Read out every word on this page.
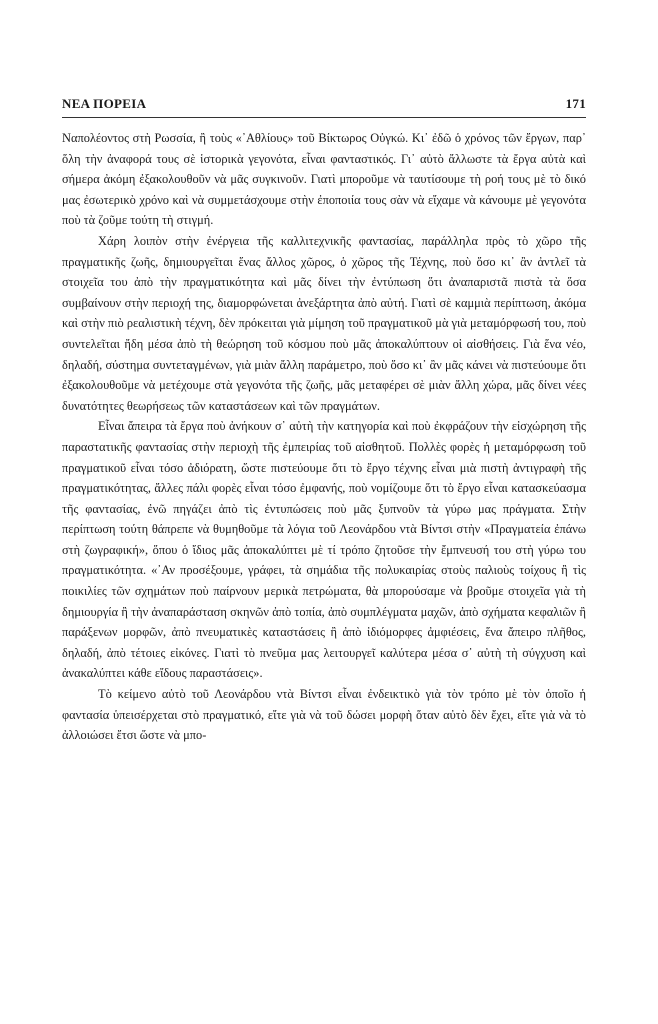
ΝΕΑ ΠΟΡΕΙΑ	171

Ναπολέοντος στὴ Ρωσσία, ἢ τοὺς «᾽Αθλίους» τοῦ Βίκτωρος Οὐγκώ. Κι᾽ ἐδῶ ὁ χρόνος τῶν ἔργων, παρ᾽ ὅλη τὴν ἀναφορά τους σὲ ἱστορικὰ γεγονότα, εἶναι φανταστικός. Γι᾽ αὐτὸ ἄλλωστε τὰ ἔργα αὐτὰ καὶ σήμερα ἀκόμη ἐξακολουθοῦν νὰ μᾶς συγκινοῦν. Γιατὶ μποροῦμε νὰ ταυτίσουμε τὴ ροή τους μὲ τὸ δικό μας ἐσωτερικὸ χρόνο καὶ νὰ συμμετάσχουμε στὴν ἐποποιία τους σὰν νὰ εἴχαμε νὰ κάνουμε μὲ γεγονότα ποὺ τὰ ζοῦμε τούτη τὴ στιγμή.

Χάρη λοιπὸν στὴν ἐνέργεια τῆς καλλιτεχνικῆς φαντασίας, παράλληλα πρὸς τὸ χῶρο τῆς πραγματικῆς ζωῆς, δημιουργεῖται ἕνας ἄλλος χῶρος, ὁ χῶρος τῆς Τέχνης, ποὺ ὅσο κι᾽ ἂν ἀντλεῖ τὰ στοιχεῖα του ἀπὸ τὴν πραγματικότητα καὶ μᾶς δίνει τὴν ἐντύπωση ὅτι ἀναπαριστᾶ πιστὰ τὰ ὅσα συμβαίνουν στὴν περιοχή της, διαμορφώνεται ἀνεξάρτητα ἀπὸ αὐτή. Γιατὶ σὲ καμμιὰ περίπτωση, ἀκόμα καὶ στὴν πιὸ ρεαλιστικὴ τέχνη, δὲν πρόκειται γιὰ μίμηση τοῦ πραγματικοῦ μὰ γιὰ μεταμόρφωσή του, ποὺ συντελεῖται ἤδη μέσα ἀπὸ τὴ θεώρηση τοῦ κόσμου ποὺ μᾶς ἀποκαλύπτουν οἱ αἰσθήσεις. Γιὰ ἕνα νέο, δηλαδή, σύστημα συντεταγμένων, γιὰ μιὰν ἄλλη παράμετρο, ποὺ ὅσο κι᾽ ἂν μᾶς κάνει νὰ πιστεύουμε ὅτι ἐξακολουθοῦμε νὰ μετέχουμε στὰ γεγονότα τῆς ζωῆς, μᾶς μεταφέρει σὲ μιὰν ἄλλη χώρα, μᾶς δίνει νέες δυνατότητες θεωρήσεως τῶν καταστάσεων καὶ τῶν πραγμάτων.

Εἶναι ἄπειρα τὰ ἔργα ποὺ ἀνήκουν σ᾽ αὐτὴ τὴν κατηγορία καὶ ποὺ ἐκφράζουν τὴν εἰσχώρηση τῆς παραστατικῆς φαντασίας στὴν περιοχὴ τῆς ἐμπειρίας τοῦ αἰσθητοῦ. Πολλὲς φορὲς ἡ μεταμόρφωση τοῦ πραγματικοῦ εἶναι τόσο ἀδιόρατη, ὥστε πιστεύουμε ὅτι τὸ ἔργο τέχνης εἶναι μιὰ πιστὴ ἀντιγραφὴ τῆς πραγματικότητας, ἄλλες πάλι φορὲς εἶναι τόσο ἐμφανής, ποὺ νομίζουμε ὅτι τὸ ἔργο εἶναι κατασκεύασμα τῆς φαντασίας, ἐνῶ πηγάζει ἀπὸ τὶς ἐντυπώσεις ποὺ μᾶς ξυπνοῦν τὰ γύρω μας πράγματα. Στὴν περίπτωση τούτη θάπρεπε νὰ θυμηθοῦμε τὰ λόγια τοῦ Λεονάρδου ντὰ Βίντσι στὴν «Πραγματεία ἐπάνω στὴ ζωγραφική», ὅπου ὁ ἴδιος μᾶς ἀποκαλύπτει μὲ τί τρόπο ζητοῦσε τὴν ἔμπνευσή του στὴ γύρω του πραγματικότητα. «᾽Αν προσέξουμε, γράφει, τὰ σημάδια τῆς πολυκαιρίας στοὺς παλιοὺς τοίχους ἢ τὶς ποικιλίες τῶν σχημάτων ποὺ παίρνουν μερικὰ πετρώματα, θὰ μπορούσαμε νὰ βροῦμε στοιχεῖα γιὰ τὴ δημιουργία ἢ τὴν ἀναπαράσταση σκηνῶν ἀπὸ τοπία, ἀπὸ συμπλέγματα μαχῶν, ἀπὸ σχήματα κεφαλιῶν ἢ παράξενων μορφῶν, ἀπὸ πνευματικὲς καταστάσεις ἢ ἀπὸ ἰδιόμορφες ἀμφιέσεις, ἕνα ἄπειρο πλῆθος, δηλαδή, ἀπὸ τέτοιες εἰκόνες. Γιατὶ τὸ πνεῦμα μας λειτουργεῖ καλύτερα μέσα σ᾽ αὐτὴ τὴ σύγχυση καὶ ἀνακαλύπτει κάθε εἴδους παραστάσεις».

Τὸ κείμενο αὐτὸ τοῦ Λεονάρδου ντὰ Βίντσι εἶναι ἐνδεικτικὸ γιὰ τὸν τρόπο μὲ τὸν ὁποῖο ἡ φαντασία ὑπεισέρχεται στὸ πραγματικό, εἴτε γιὰ νὰ τοῦ δώσει μορφὴ ὅταν αὐτὸ δὲν ἔχει, εἴτε γιὰ νὰ τὸ ἀλλοιώσει ἔτσι ὥστε νὰ μπο-
